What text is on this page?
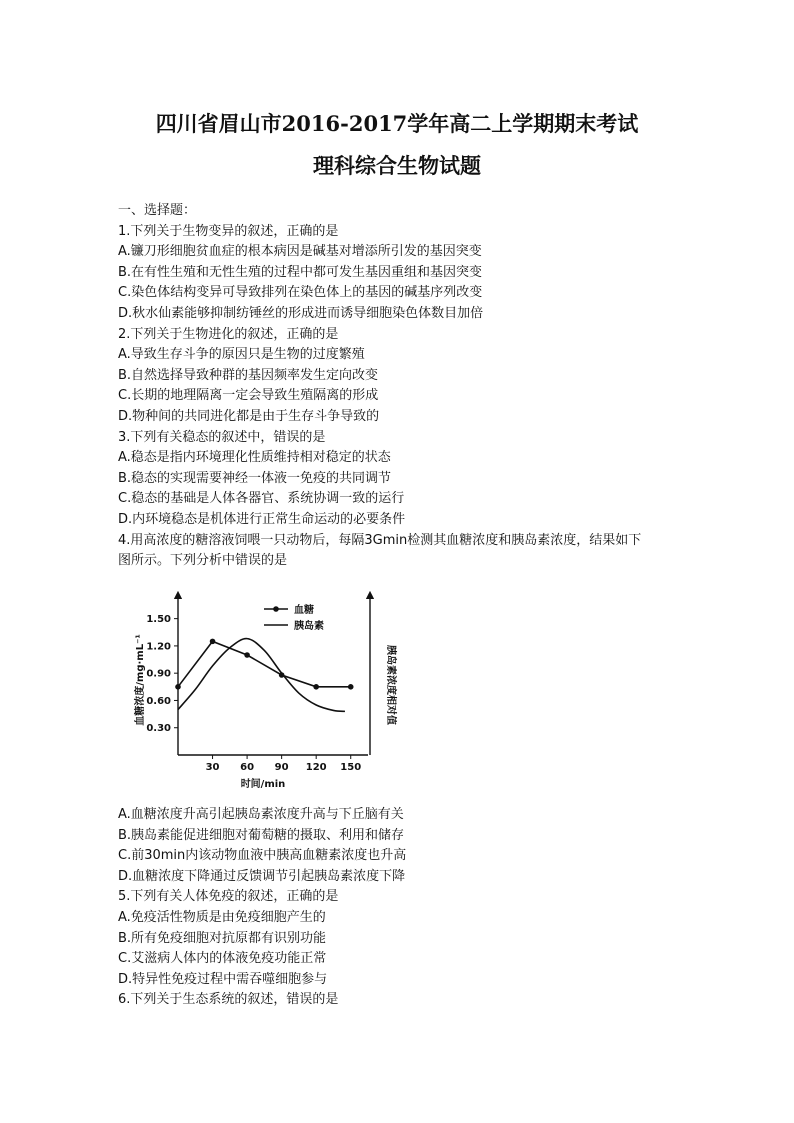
四川省眉山市2016-2017学年高二上学期期末考试
理科综合生物试题
一、选择题：
1.下列关于生物变异的叙述，正确的是
A.镰刀形细胞贫血症的根本病因是碱基对增添所引发的基因突变
B.在有性生殖和无性生殖的过程中都可发生基因重组和基因突变
C.染色体结构变异可导致排列在染色体上的基因的碱基序列改变
D.秋水仙素能够抑制纺锤丝的形成进而诱导细胞染色体数目加倍
2.下列关于生物进化的叙述，正确的是
A.导致生存斗争的原因只是生物的过度繁殖
B.自然选择导致种群的基因频率发生定向改变
C.长期的地理隔离一定会导致生殖隔离的形成
D.物种间的共同进化都是由于生存斗争导致的
3.下列有关稳态的叙述中，错误的是
A.稳态是指内环境理化性质维持相对稳定的状态
B.稳态的实现需要神经一体液一免疫的共同调节
C.稳态的基础是人体各器官、系统协调一致的运行
D.内环境稳态是机体进行正常生命运动的必要条件
4.用高浓度的糖溶液饲喂一只动物后，每隔3Gmin检测其血糖浓度和胰岛素浓度，结果如下
图所示。下列分析中错误的是
0.30
0.60
0.90
1.20
1.50
30 60 90 120 150
时间/min
血糖浓度/mg·mL⁻¹	胰岛素浓度相对值
血糖
胰岛素
A.血糖浓度升高引起胰岛素浓度升高与下丘脑有关
B.胰岛素能促进细胞对葡萄糖的摄取、利用和储存
C.前30min内该动物血液中胰高血糖素浓度也升高
D.血糖浓度下降通过反馈调节引起胰岛素浓度下降
5.下列有关人体免疫的叙述，正确的是
A.免疫活性物质是由免疫细胞产生的
B.所有免疫细胞对抗原都有识别功能
C.艾滋病人体内的体液免疫功能正常
D.特异性免疫过程中需吞噬细胞参与
6.下列关于生态系统的叙述，错误的是
